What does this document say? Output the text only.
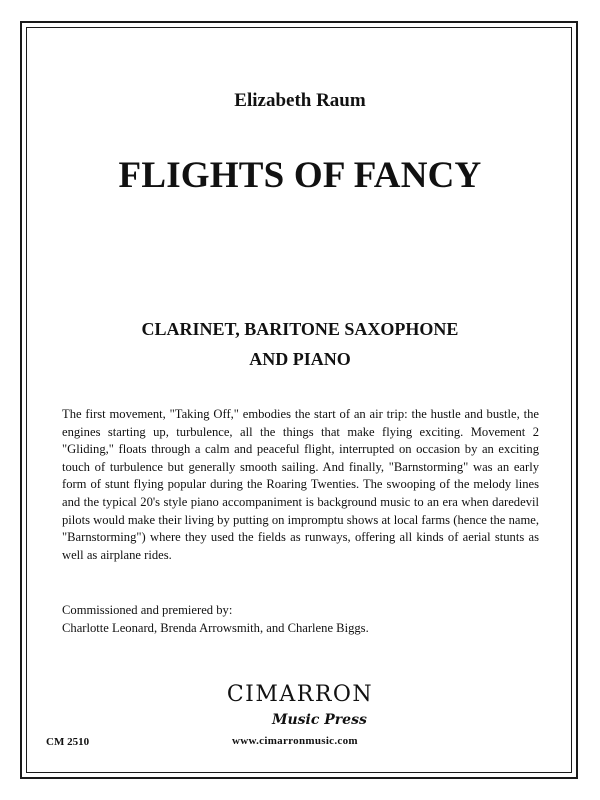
Elizabeth Raum
FLIGHTS OF FANCY
CLARINET, BARITONE SAXOPHONE
AND PIANO

The first movement, "Taking Off," embodies the start of an air trip: the hustle and bustle, the engines starting up, turbulence, all the things that make flying exciting. Movement 2 "Gliding," floats through a calm and peaceful flight, interrupted on occasion by an exciting touch of turbulence but generally smooth sailing. And finally, "Barnstorming" was an early form of stunt flying popular during the Roaring Twenties. The swooping of the melody lines and the typical 20's style piano accompaniment is background music to an era when daredevil pilots would make their living by putting on impromptu shows at local farms (hence the name, "Barnstorming") where they used the fields as runways, offering all kinds of aerial stunts as well as airplane rides.

Commissioned and premiered by:
Charlotte Leonard, Brenda Arrowsmith, and Charlene Biggs.
CIMARRON
Music Press
www.cimarronmusic.com
CM 2510
